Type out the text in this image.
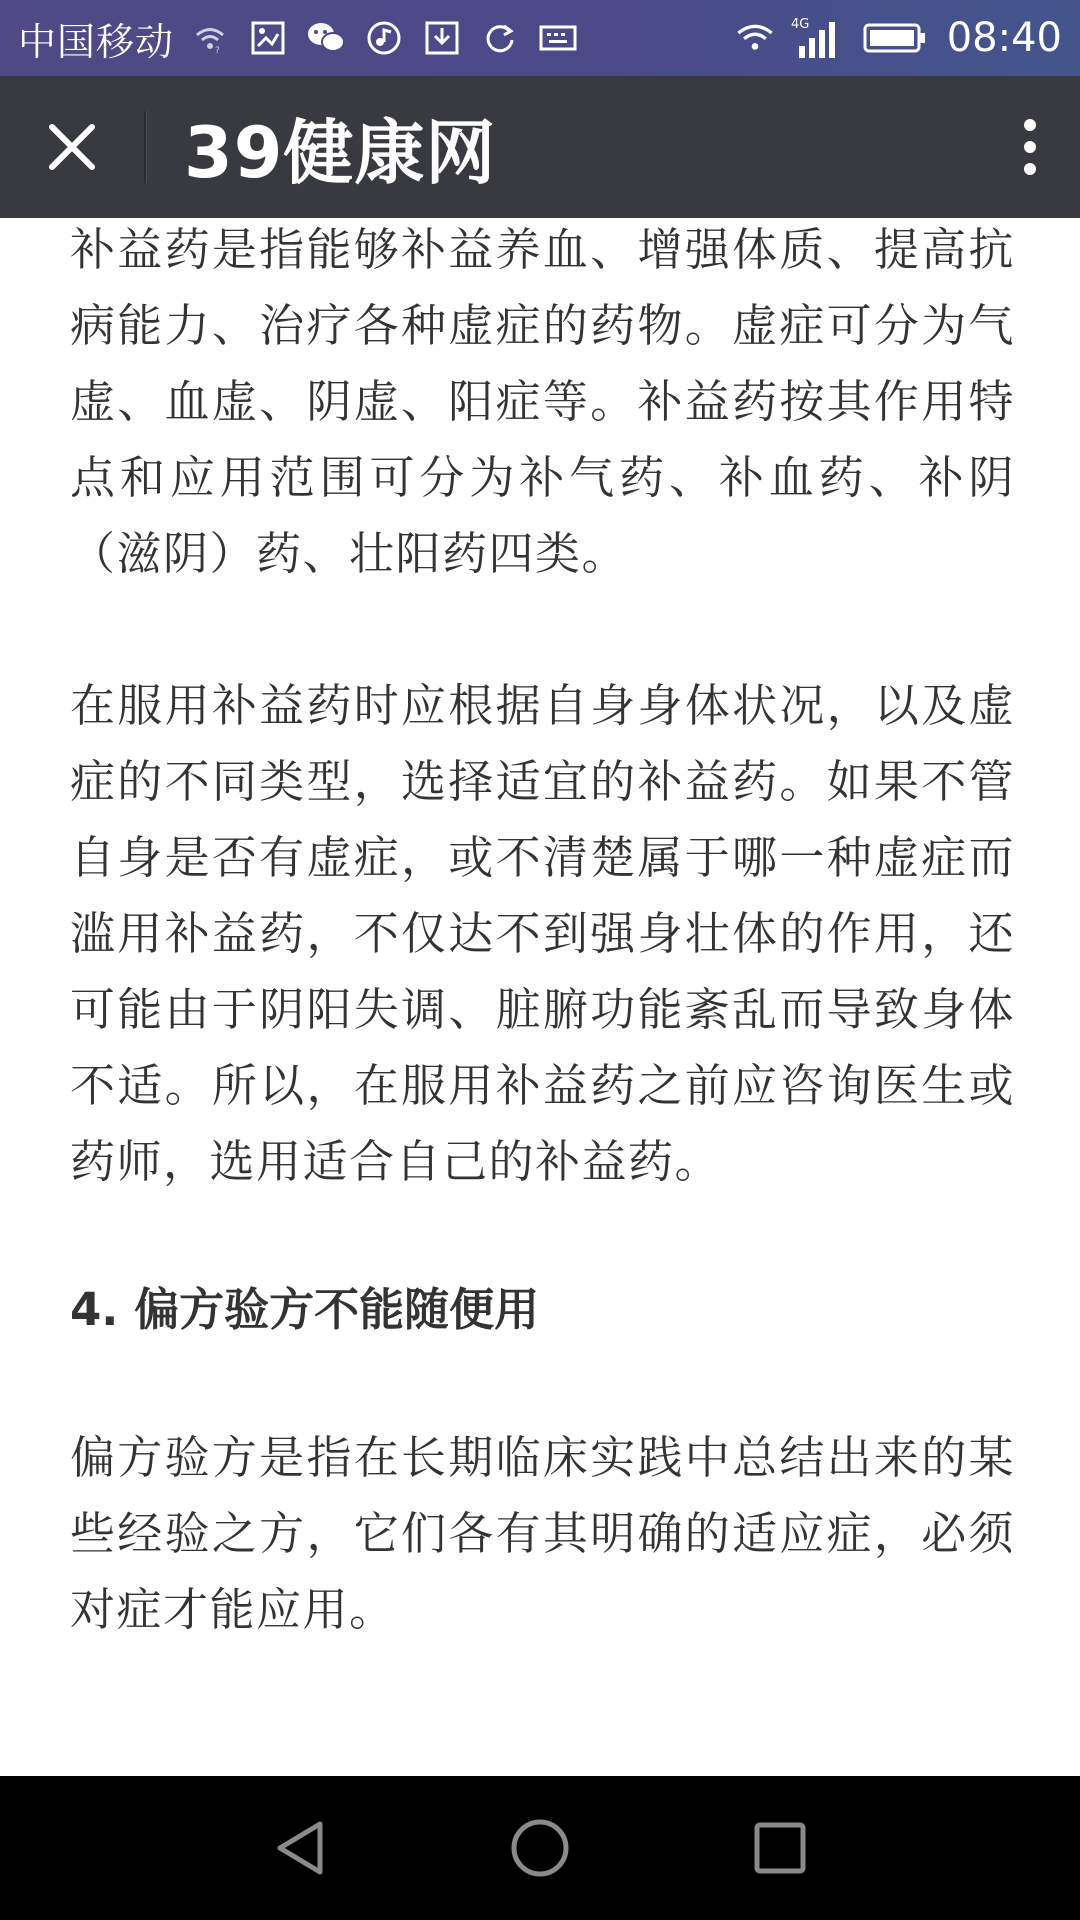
中国移动	?
4G	08:40
39健康网

补益药是指能够补益养血、增强体质、提高抗病能力、治疗各种虚症的药物。虚症可分为气虚、血虚、阴虚、阳症等。补益药按其作用特点和应用范围可分为补气药、补血药、补阴（滋阴）药、壮阳药四类。

在服用补益药时应根据自身身体状况，以及虚症的不同类型，选择适宜的补益药。如果不管自身是否有虚症，或不清楚属于哪一种虚症而滥用补益药，不仅达不到强身壮体的作用，还可能由于阴阳失调、脏腑功能紊乱而导致身体不适。所以，在服用补益药之前应咨询医生或药师，选用适合自己的补益药。

4. 偏方验方不能随便用

偏方验方是指在长期临床实践中总结出来的某些经验之方，它们各有其明确的适应症，必须对症才能应用。
